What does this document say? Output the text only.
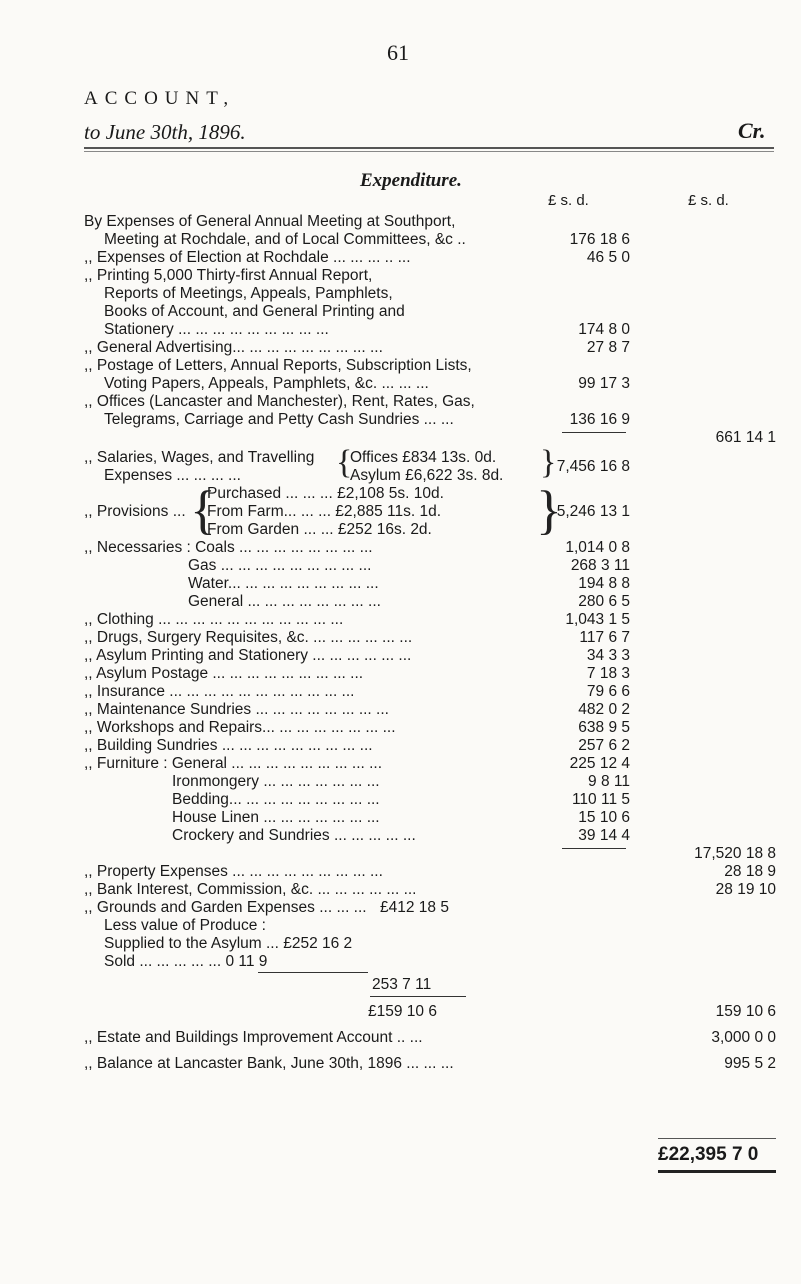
61
ACCOUNT,
to June 30th, 1896.	Cr.
Expenditure.
£ s. d.	£ s. d.
By Expenses of General Annual Meeting at Southport,
Meeting at Rochdale, and of Local Committees, &c ..	176 18 6
,, Expenses of Election at Rochdale ... ... ... .. ...	46 5 0
,, Printing 5,000 Thirty-first Annual Report,
Reports of Meetings, Appeals, Pamphlets,
Books of Account, and General Printing and
Stationery ... ... ... ... ... ... ... ... ...	174 8 0
,, General Advertising... ... ... ... ... ... ... ... ...	27 8 7
,, Postage of Letters, Annual Reports, Subscription Lists,
Voting Papers, Appeals, Pamphlets, &c. ... ... ...	99 17 3
,, Offices (Lancaster and Manchester), Rent, Rates, Gas,
Telegrams, Carriage and Petty Cash Sundries ... ...	136 16 9
661 14 1
,, Salaries, Wages, and Travelling
Expenses ... ... ... ...	{
Offices £834 13s. 0d.
Asylum £6,622 3s. 8d. } 7,456 16 8
,, Provisions ... {
Purchased ... ... ... £2,108 5s. 10d.
From Farm... ... ... £2,885 11s. 1d.
From Garden ... ... £252 16s. 2d. }
5,246 13 1
,, Necessaries : Coals ... ... ... ... ... ... ... ...	1,014 0 8
Gas ... ... ... ... ... ... ... ... ...	268 3 11
Water... ... ... ... ... ... ... ... ...	194 8 8
General ... ... ... ... ... ... ... ...	280 6 5
,, Clothing ... ... ... ... ... ... ... ... ... ... ...	1,043 1 5
,, Drugs, Surgery Requisites, &c. ... ... ... ... ... ...	117 6 7
,, Asylum Printing and Stationery ... ... ... ... ... ...	34 3 3
,, Asylum Postage ... ... ... ... ... ... ... ... ...	7 18 3
,, Insurance ... ... ... ... ... ... ... ... ... ... ...	79 6 6
,, Maintenance Sundries ... ... ... ... ... ... ... ...	482 0 2
,, Workshops and Repairs... ... ... ... ... ... ... ...	638 9 5
,, Building Sundries ... ... ... ... ... ... ... ... ...	257 6 2
,, Furniture : General ... ... ... ... ... ... ... ... ...	225 12 4
Ironmongery ... ... ... ... ... ... ...	9 8 11
Bedding... ... ... ... ... ... ... ... ...	110 11 5
House Linen ... ... ... ... ... ... ...	15 10 6
Crockery and Sundries ... ... ... ... ...	39 14 4
17,520 18 8
,, Property Expenses ... ... ... ... ... ... ... ... ...	28 18 9
,, Bank Interest, Commission, &c. ... ... ... ... ... ...	28 19 10
,, Grounds and Garden Expenses ... ... ... £412 18 5
Less value of Produce :
Supplied to the Asylum ... £252 16 2
Sold ... ... ... ... ... 0 11 9
253 7 11
£159 10 6	159 10 6
,, Estate and Buildings Improvement Account .. ...	3,000 0 0
,, Balance at Lancaster Bank, June 30th, 1896 ... ... ...	995 5 2
£22,395 7 0
